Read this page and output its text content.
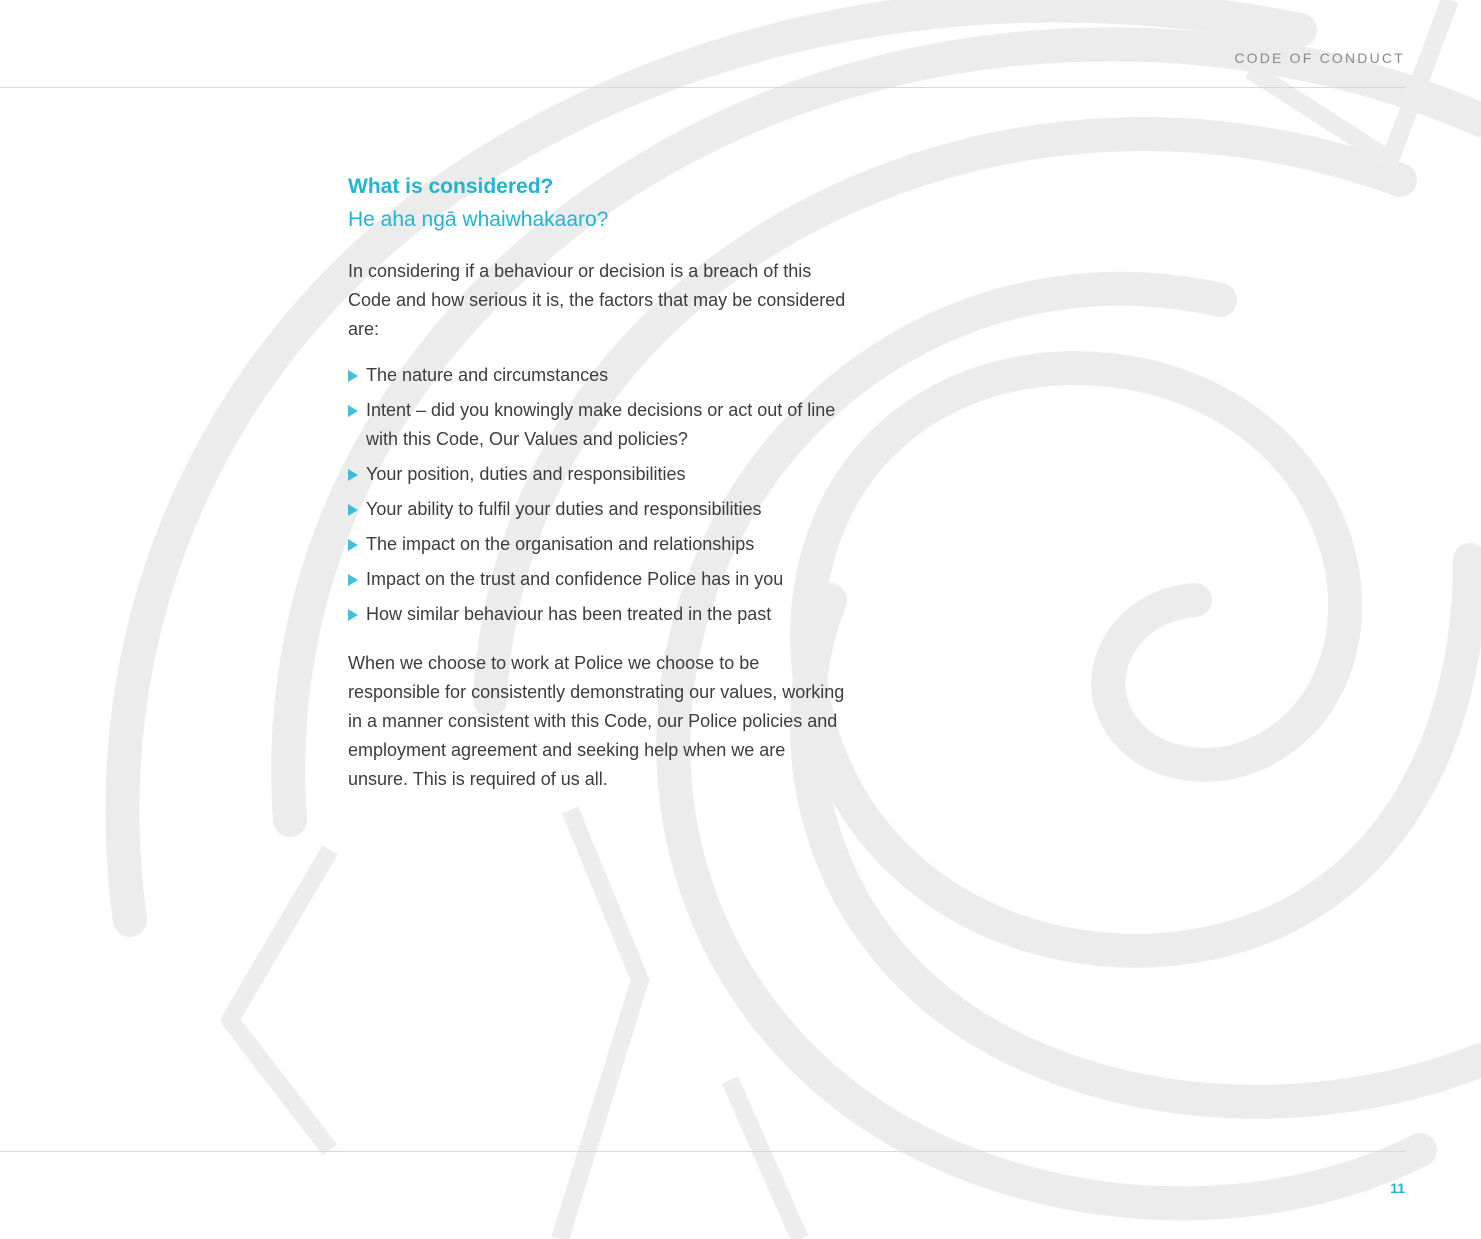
CODE OF CONDUCT
What is considered?
He aha ngā whaiwhakaaro?

In considering if a behaviour or decision is a breach of this Code and how serious it is, the factors that may be considered are:

The nature and circumstances
Intent – did you knowingly make decisions or act out of line with this Code, Our Values and policies?
Your position, duties and responsibilities
Your ability to fulfil your duties and responsibilities
The impact on the organisation and relationships
Impact on the trust and confidence Police has in you
How similar behaviour has been treated in the past

When we choose to work at Police we choose to be responsible for consistently demonstrating our values, working in a manner consistent with this Code, our Police policies and employment agreement and seeking help when we are unsure. This is required of us all.

11
